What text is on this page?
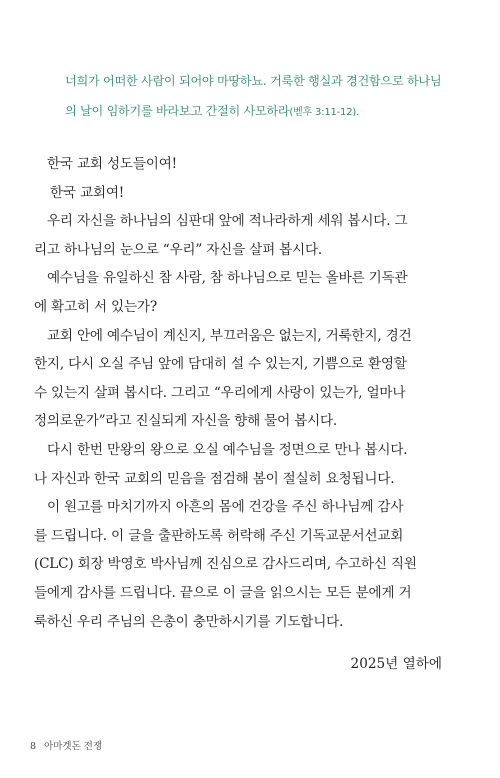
너희가 어떠한 사람이 되어야 마땅하뇨. 거룩한 행실과 경건함으로 하나님
의 날이 임하기를 바라보고 간절히 사모하라(벧후 3:11-12).
한국 교회 성도들이여!
한국 교회여!
우리 자신을 하나님의 심판대 앞에 적나라하게 세워 봅시다. 그
리고 하나님의 눈으로 “우리” 자신을 살펴 봅시다.
예수님을 유일하신 참 사람, 참 하나님으로 믿는 올바른 기독관
에 확고히 서 있는가?
교회 안에 예수님이 계신지, 부끄러움은 없는지, 거룩한지, 경건
한지, 다시 오실 주님 앞에 담대히 설 수 있는지, 기쁨으로 환영할
수 있는지 살펴 봅시다. 그리고 “우리에게 사랑이 있는가, 얼마나
정의로운가”라고 진실되게 자신을 향해 물어 봅시다.
다시 한번 만왕의 왕으로 오실 예수님을 정면으로 만나 봅시다.
나 자신과 한국 교회의 믿음을 점검해 봄이 절실히 요청됩니다.
이 원고를 마치기까지 아흔의 몸에 건강을 주신 하나님께 감사
를 드립니다. 이 글을 출판하도록 허락해 주신 기독교문서선교회
(CLC) 회장 박영호 박사님께 진심으로 감사드리며, 수고하신 직원
들에게 감사를 드립니다. 끝으로 이 글을 읽으시는 모든 분에게 거
룩하신 우리 주님의 은총이 충만하시기를 기도합니다.
2025년 열하에
8 아마겟돈 전쟁
